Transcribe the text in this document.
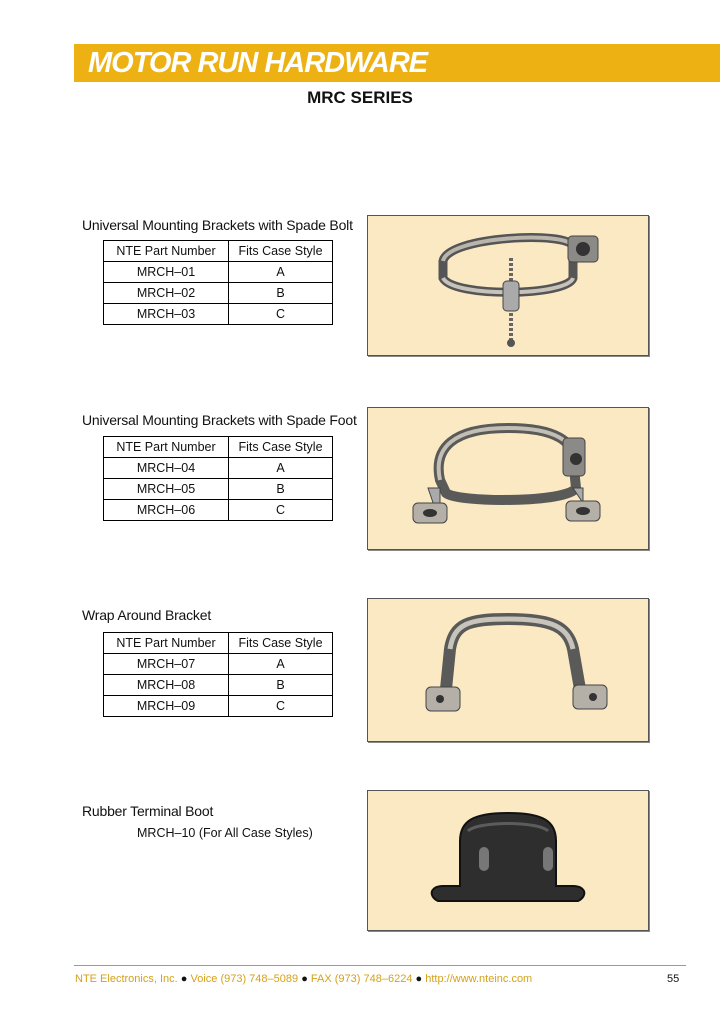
MOTOR RUN HARDWARE
MRC SERIES
Universal Mounting Brackets with Spade Bolt
NTE Part Number	Fits Case Style
MRCH–01	A
MRCH–02	B
MRCH–03	C
Universal Mounting Brackets with Spade Foot
NTE Part Number	Fits Case Style
MRCH–04	A
MRCH–05	B
MRCH–06	C
Wrap Around Bracket
NTE Part Number	Fits Case Style
MRCH–07	A
MRCH–08	B
MRCH–09	C
Rubber Terminal Boot
MRCH–10 (For All Case Styles)
NTE Electronics, Inc. ● Voice (973) 748–5089 ● FAX (973) 748–6224 ● http://www.nteinc.com	55
